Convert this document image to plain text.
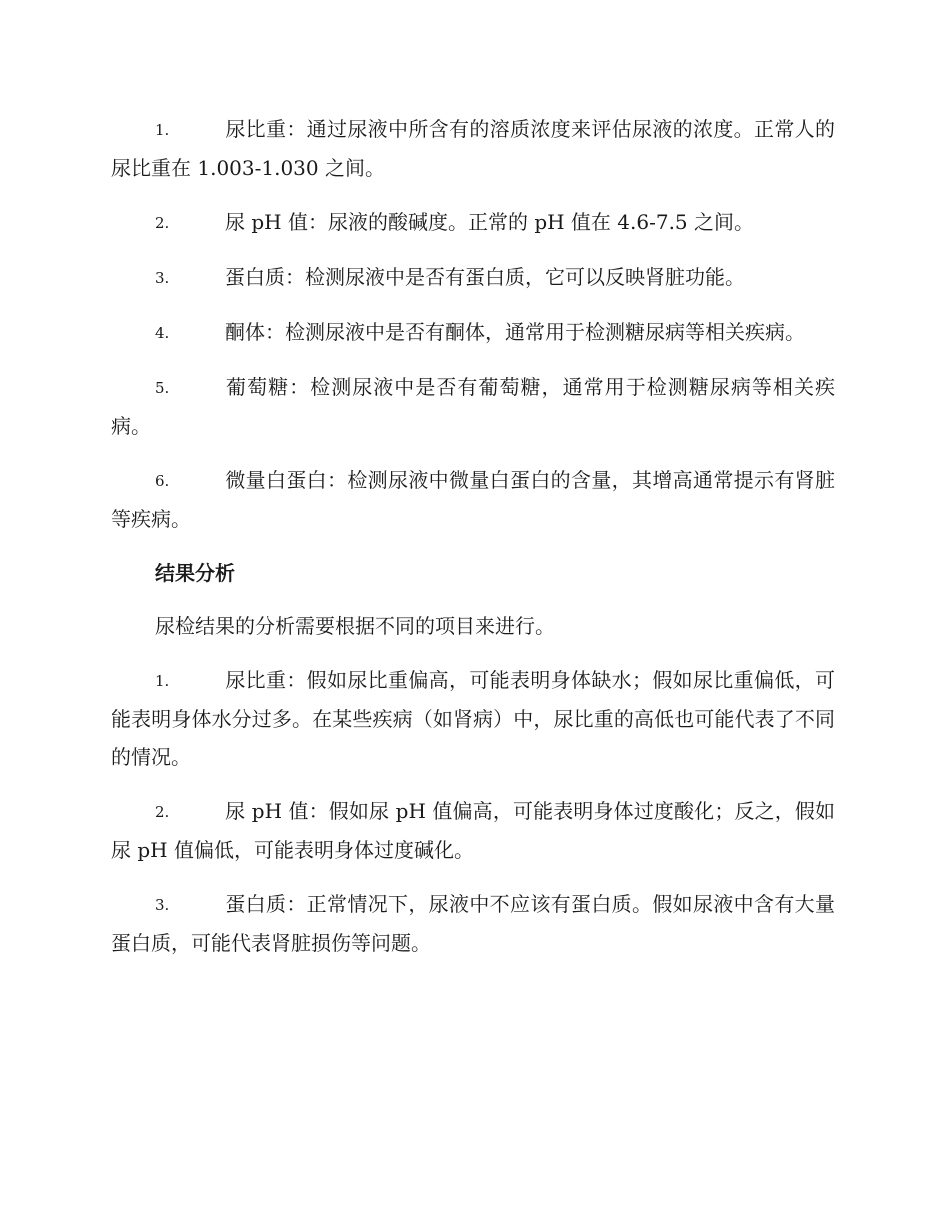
1.	尿比重：通过尿液中所含有的溶质浓度来评估尿液的浓度。正常人的尿比重在 1.003-1.030 之间。

2.	尿 pH 值：尿液的酸碱度。正常的 pH 值在 4.6-7.5 之间。

3.	蛋白质：检测尿液中是否有蛋白质，它可以反映肾脏功能。

4.	酮体：检测尿液中是否有酮体，通常用于检测糖尿病等相关疾病。

5.	葡萄糖：检测尿液中是否有葡萄糖，通常用于检测糖尿病等相关疾病。

6.	微量白蛋白：检测尿液中微量白蛋白的含量，其增高通常提示有肾脏等疾病。

结果分析

尿检结果的分析需要根据不同的项目来进行。

1.	尿比重：假如尿比重偏高，可能表明身体缺水；假如尿比重偏低，可能表明身体水分过多。在某些疾病（如肾病）中，尿比重的高低也可能代表了不同的情况。

2.	尿 pH 值：假如尿 pH 值偏高，可能表明身体过度酸化；反之，假如尿 pH 值偏低，可能表明身体过度碱化。

3.	蛋白质：正常情况下，尿液中不应该有蛋白质。假如尿液中含有大量蛋白质，可能代表肾脏损伤等问题。
